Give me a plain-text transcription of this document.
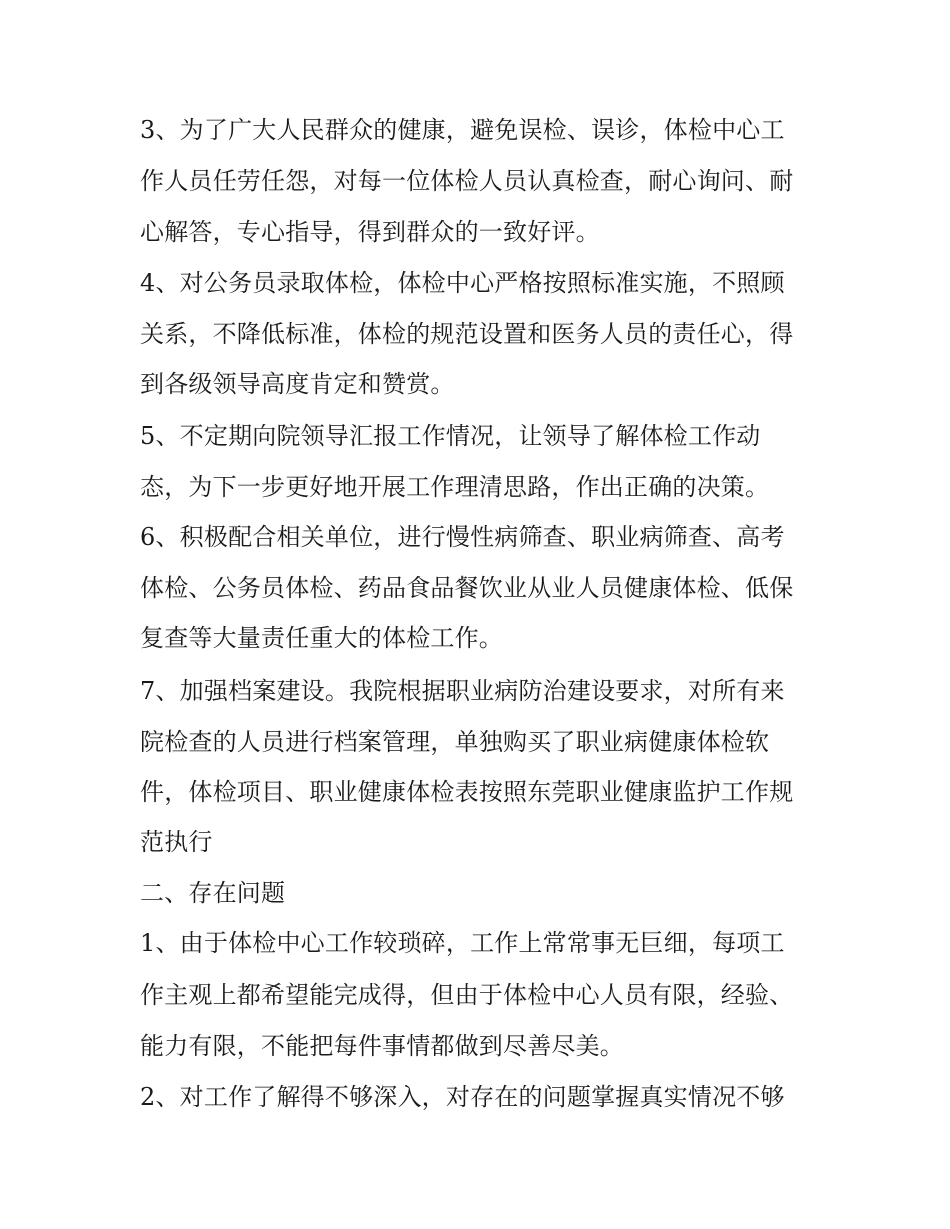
3、为了广大人民群众的健康，避免误检、误诊，体检中心工
作人员任劳任怨，对每一位体检人员认真检查，耐心询问、耐
心解答，专心指导，得到群众的一致好评。
4、对公务员录取体检，体检中心严格按照标准实施，不照顾
关系，不降低标准，体检的规范设置和医务人员的责任心，得
到各级领导高度肯定和赞赏。
5、不定期向院领导汇报工作情况，让领导了解体检工作动
态，为下一步更好地开展工作理清思路，作出正确的决策。
6、积极配合相关单位，进行慢性病筛查、职业病筛查、高考
体检、公务员体检、药品食品餐饮业从业人员健康体检、低保
复查等大量责任重大的体检工作。
7、加强档案建设。我院根据职业病防治建设要求，对所有来
院检查的人员进行档案管理，单独购买了职业病健康体检软
件，体检项目、职业健康体检表按照东莞职业健康监护工作规
范执行
二、存在问题
1、由于体检中心工作较琐碎，工作上常常事无巨细，每项工
作主观上都希望能完成得，但由于体检中心人员有限，经验、
能力有限，不能把每件事情都做到尽善尽美。
2、对工作了解得不够深入，对存在的问题掌握真实情况不够
